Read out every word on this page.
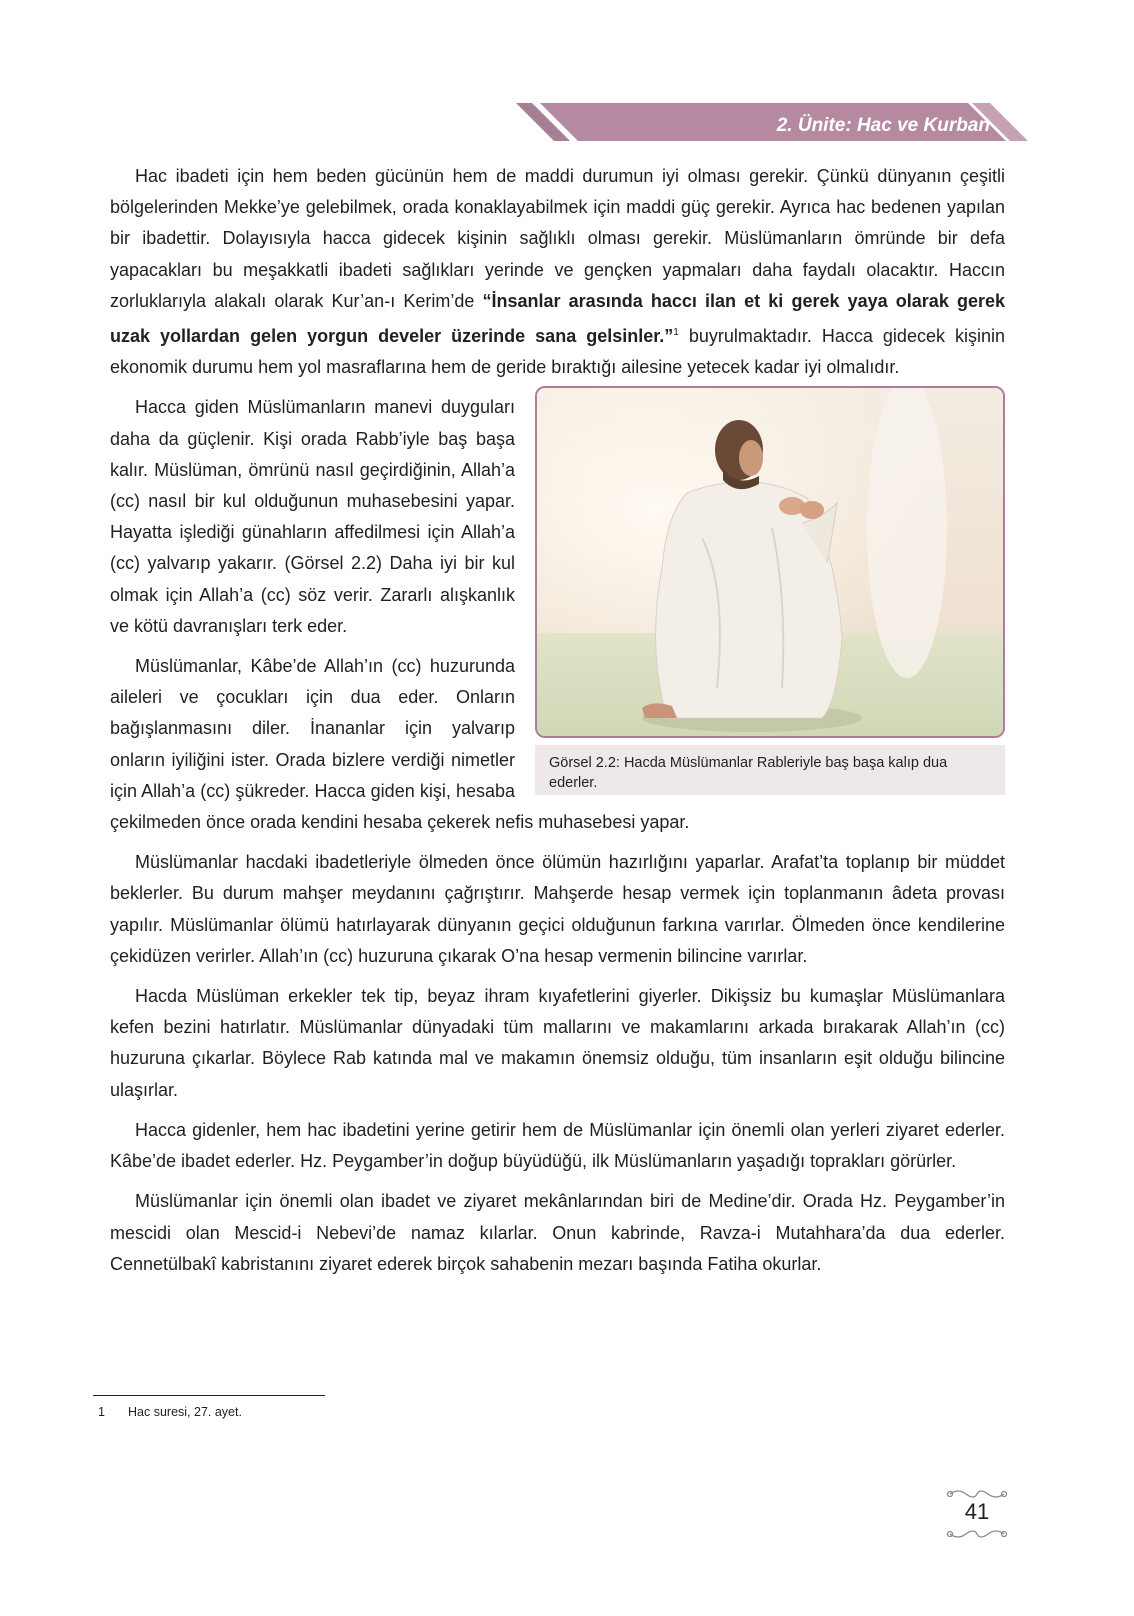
2. Ünite: Hac ve Kurban

Hac ibadeti için hem beden gücünün hem de maddi durumun iyi olması gerekir. Çünkü dünyanın çeşitli bölgelerinden Mekke’ye gelebilmek, orada konaklayabilmek için maddi güç gerekir. Ayrıca hac bedenen yapılan bir ibadettir. Dolayısıyla hacca gidecek kişinin sağlıklı olması gerekir. Müslümanların ömründe bir defa yapacakları bu meşakkatli ibadeti sağlıkları yerinde ve gençken yapmaları daha faydalı olacaktır. Haccın zorluklarıyla alakalı olarak Kur’an-ı Kerim’de “İnsanlar arasında haccı ilan et ki gerek yaya olarak gerek uzak yollardan gelen yorgun develer üzerinde sana gelsinler.”$^1$ buyrulmaktadır. Hacca gidecek kişinin ekonomik durumu hem yol masraflarına hem de geride bıraktığı ailesine yetecek kadar iyi olmalıdır.

Görsel 2.2: Hacda Müslümanlar Rableriyle baş başa kalıp dua ederler.

Hacca giden Müslümanların manevi duyguları daha da güçlenir. Kişi orada Rabb’iyle baş başa kalır. Müslüman, ömrünü nasıl geçirdiğinin, Allah’a (cc) nasıl bir kul olduğunun muhasebesini yapar. Hayatta işlediği günahların affedilmesi için Allah’a (cc) yalvarıp yakarır. (Görsel 2.2) Daha iyi bir kul olmak için Allah’a (cc) söz verir. Zararlı alışkanlık ve kötü davranışları terk eder.

Müslümanlar, Kâbe’de Allah’ın (cc) huzurunda aileleri ve çocukları için dua eder. Onların bağışlanmasını diler. İnananlar için yalvarıp onların iyiliğini ister. Orada bizlere verdiği nimetler için Allah’a (cc) şükreder. Hacca giden kişi, hesaba çekilmeden önce orada kendini hesaba çekerek nefis muhasebesi yapar.

Müslümanlar hacdaki ibadetleriyle ölmeden önce ölümün hazırlığını yaparlar. Arafat’ta toplanıp bir müddet beklerler. Bu durum mahşer meydanını çağrıştırır. Mahşerde hesap vermek için toplanmanın âdeta provası yapılır. Müslümanlar ölümü hatırlayarak dünyanın geçici olduğunun farkına varırlar. Ölmeden önce kendilerine çekidüzen verirler. Allah’ın (cc) huzuruna çıkarak O’na hesap vermenin bilincine varırlar.

Hacda Müslüman erkekler tek tip, beyaz ihram kıyafetlerini giyerler. Dikişsiz bu kumaşlar Müslümanlara kefen bezini hatırlatır. Müslümanlar dünyadaki tüm mallarını ve makamlarını arkada bırakarak Allah’ın (cc) huzuruna çıkarlar. Böylece Rab katında mal ve makamın önemsiz olduğu, tüm insanların eşit olduğu bilincine ulaşırlar.

Hacca gidenler, hem hac ibadetini yerine getirir hem de Müslümanlar için önemli olan yerleri ziyaret ederler. Kâbe’de ibadet ederler. Hz. Peygamber’in doğup büyüdüğü, ilk Müslümanların yaşadığı toprakları görürler.

Müslümanlar için önemli olan ibadet ve ziyaret mekânlarından biri de Medine’dir. Orada Hz. Peygamber’in mescidi olan Mescid-i Nebevi’de namaz kılarlar. Onun kabrinde, Ravza-i Mutahhara’da dua ederler. Cennetülbakî kabristanını ziyaret ederek birçok sahabenin mezarı başında Fatiha okurlar.

1 Hac suresi, 27. ayet.
41
